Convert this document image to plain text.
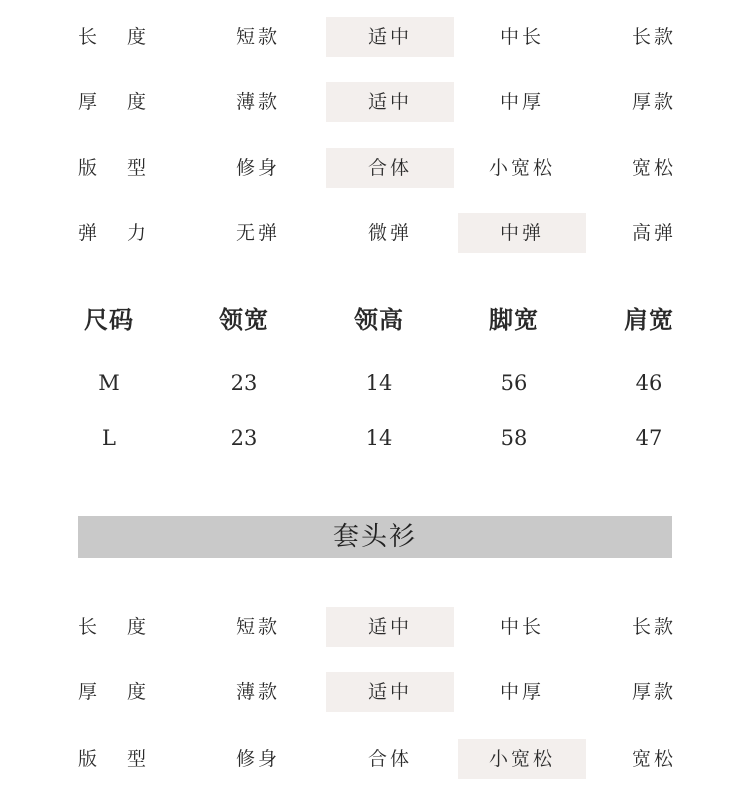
长 度	短款	适中	中长	长款
厚 度	薄款	适中	中厚	厚款
版 型	修身	合体	小宽松	宽松
弹 力	无弹	微弹	中弹	高弹
尺码	领宽	领高	脚宽	肩宽
M	23	14	56	46
L	23	14	58	47
套头衫
长 度	短款	适中	中长	长款
厚 度	薄款	适中	中厚	厚款
版 型	修身	合体	小宽松	宽松
